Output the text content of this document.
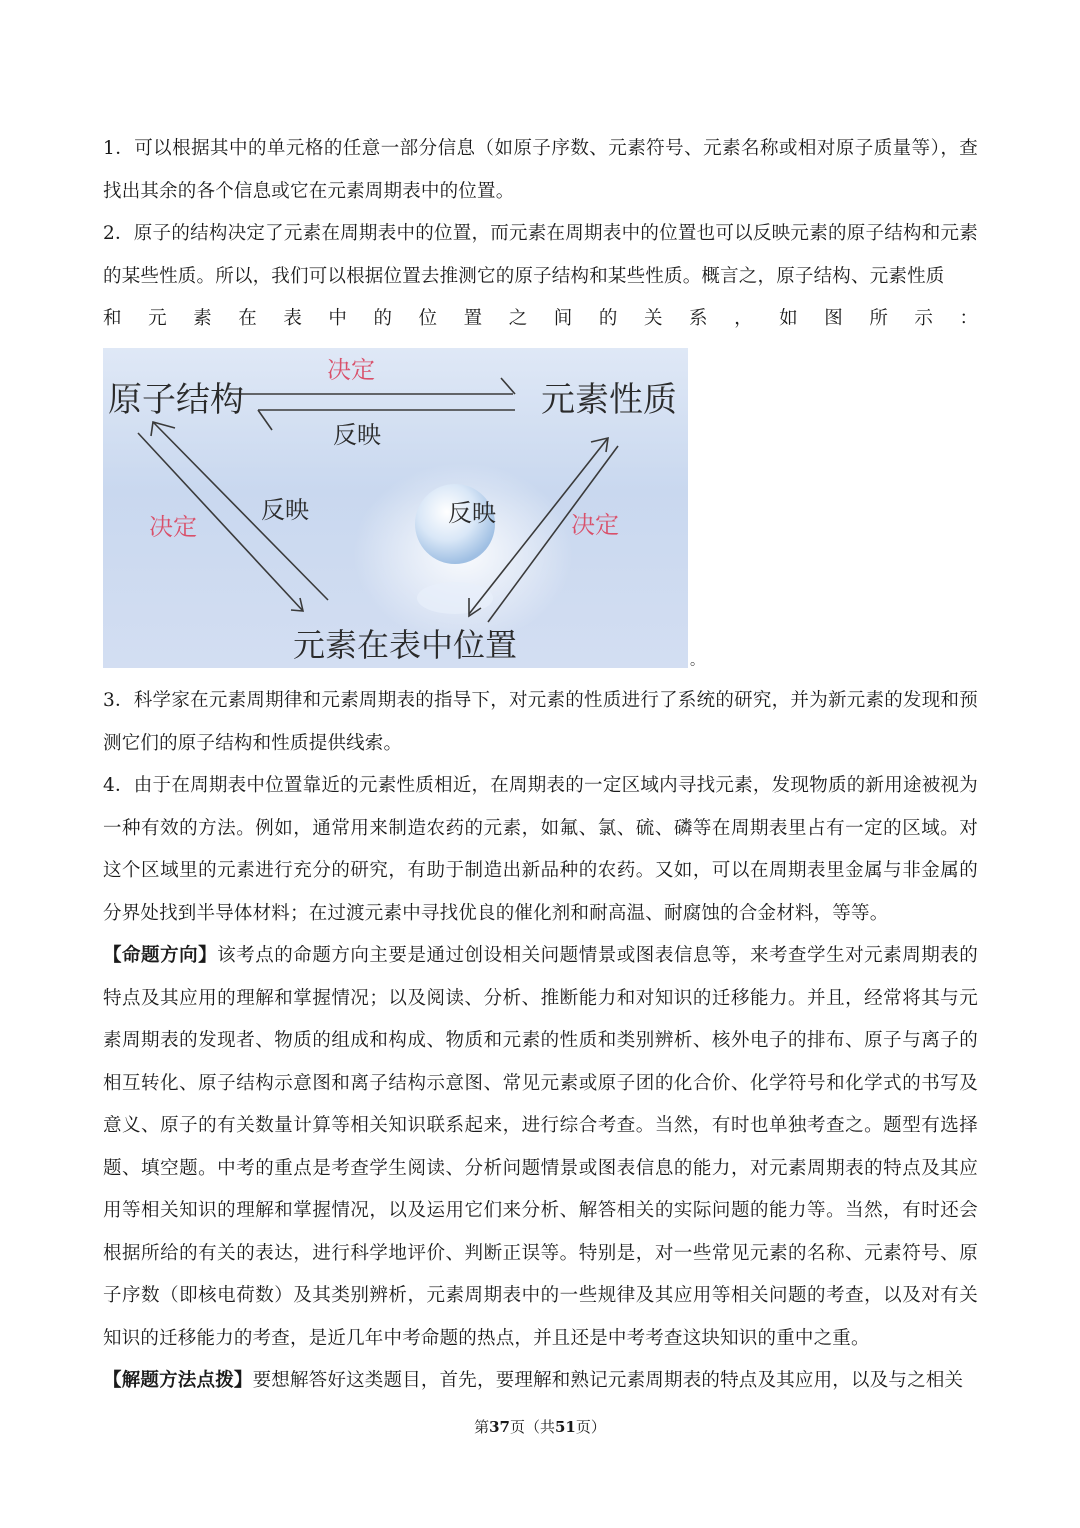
1．可以根据其中的单元格的任意一部分信息（如原子序数、元素符号、元素名称或相对原子质量等），查找出其余的各个信息或它在元素周期表中的位置。
2．原子的结构决定了元素在周期表中的位置，而元素在周期表中的位置也可以反映元素的原子结构和元素的某些性质。所以，我们可以根据位置去推测它的原子结构和某些性质。概言之，原子结构、元素性质
和 元 素 在 表 中 的 位 置 之 间 的 关 系 ， 如 图 所 示 ：
原子结构	元素性质
元素在表中位置
决定
反映
决定
反映	反映	决定
。
3．科学家在元素周期律和元素周期表的指导下，对元素的性质进行了系统的研究，并为新元素的发现和预测它们的原子结构和性质提供线索。
4．由于在周期表中位置靠近的元素性质相近，在周期表的一定区域内寻找元素，发现物质的新用途被视为一种有效的方法。例如，通常用来制造农药的元素，如氟、氯、硫、磷等在周期表里占有一定的区域。对这个区域里的元素进行充分的研究，有助于制造出新品种的农药。又如，可以在周期表里金属与非金属的分界处找到半导体材料；在过渡元素中寻找优良的催化剂和耐高温、耐腐蚀的合金材料，等等。
【命题方向】该考点的命题方向主要是通过创设相关问题情景或图表信息等，来考查学生对元素周期表的特点及其应用的理解和掌握情况；以及阅读、分析、推断能力和对知识的迁移能力。并且，经常将其与元素周期表的发现者、物质的组成和构成、物质和元素的性质和类别辨析、核外电子的排布、原子与离子的相互转化、原子结构示意图和离子结构示意图、常见元素或原子团的化合价、化学符号和化学式的书写及意义、原子的有关数量计算等相关知识联系起来，进行综合考查。当然，有时也单独考查之。题型有选择题、填空题。中考的重点是考查学生阅读、分析问题情景或图表信息的能力，对元素周期表的特点及其应用等相关知识的理解和掌握情况，以及运用它们来分析、解答相关的实际问题的能力等。当然，有时还会根据所给的有关的表达，进行科学地评价、判断正误等。特别是，对一些常见元素的名称、元素符号、原子序数（即核电荷数）及其类别辨析，元素周期表中的一些规律及其应用等相关问题的考查，以及对有关知识的迁移能力的考查，是近几年中考命题的热点，并且还是中考考查这块知识的重中之重。
【解题方法点拨】要想解答好这类题目，首先，要理解和熟记元素周期表的特点及其应用，以及与之相关
第37页（共51页）
